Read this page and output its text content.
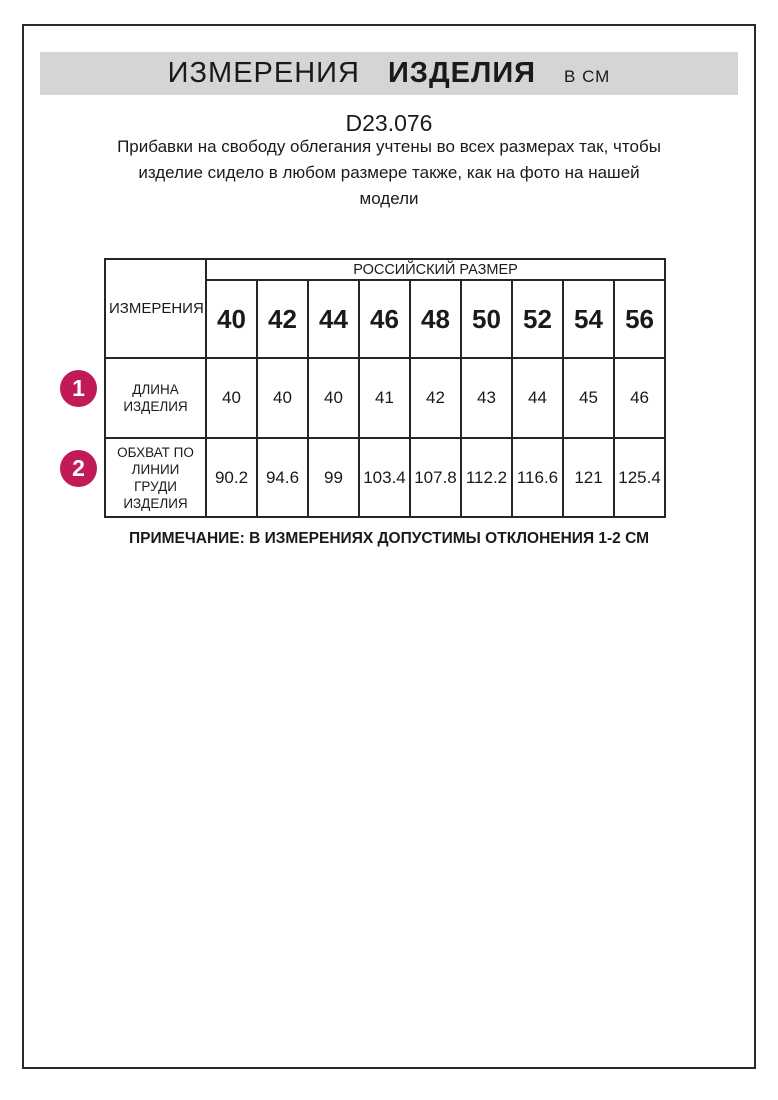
ИЗМЕРЕНИЯ ИЗДЕЛИЯ В СМ
D23.076
Прибавки на свободу облегания учтены во всех размерах так, чтобы
изделие сидело в любом размере также, как на фото на нашей
модели
ИЗМЕРЕНИЯ	РОССИЙСКИЙ РАЗМЕР								
	40	42	44	46	48	50	52	54	56
ДЛИНА ИЗДЕЛИЯ	40	40	40	41	42	43	44	45	46
ОБХВАТ ПО ЛИНИИ ГРУДИ ИЗДЕЛИЯ	90.2	94.6	99	103.4	107.8	112.2	116.6	121	125.4
1
2
ПРИМЕЧАНИЕ: В ИЗМЕРЕНИЯХ ДОПУСТИМЫ ОТКЛОНЕНИЯ 1-2 СМ
